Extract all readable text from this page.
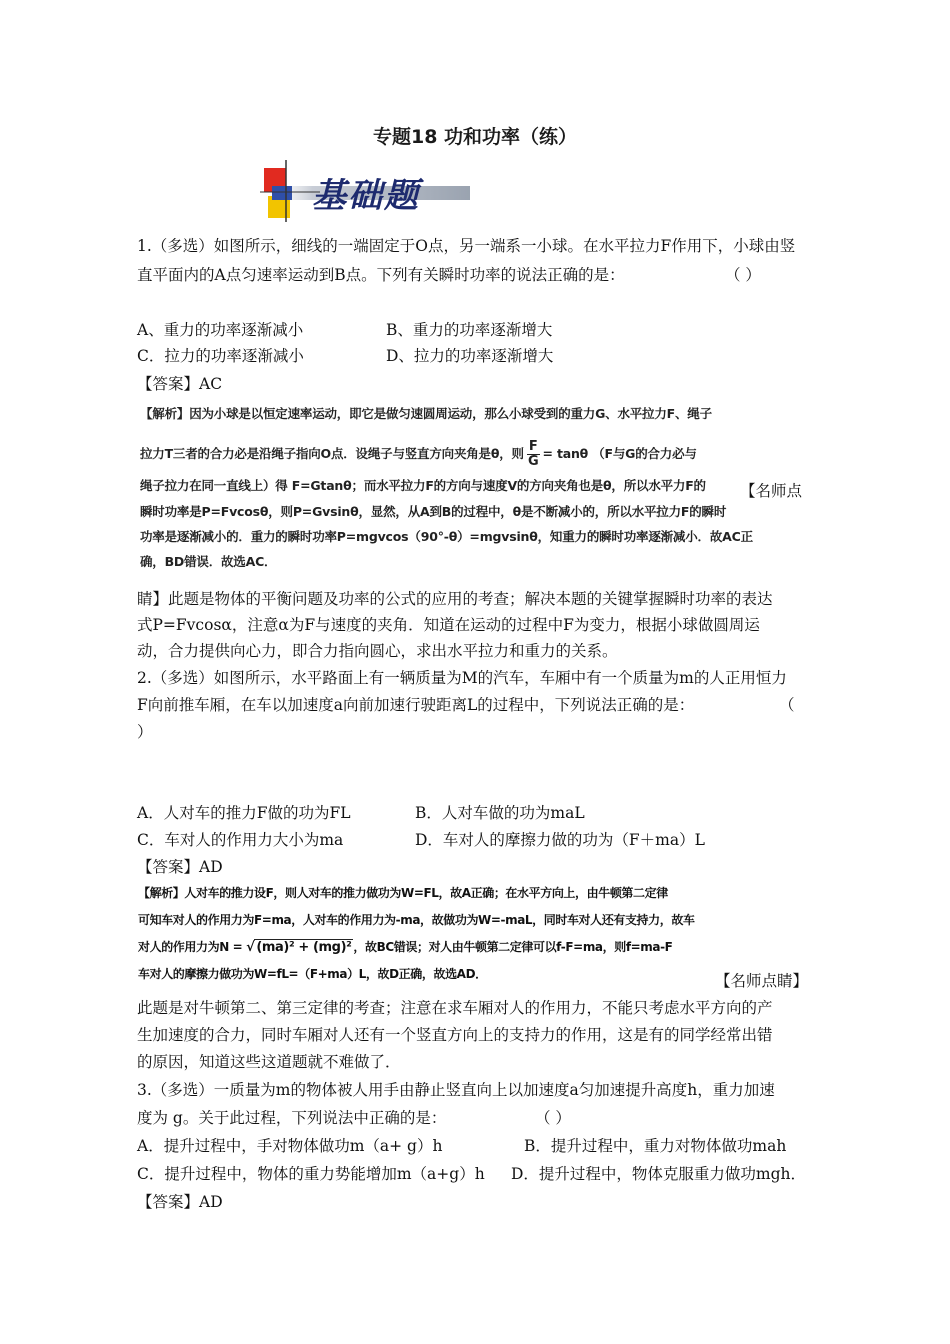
专题18 功和功率（练）
基础题
1.（多选）如图所示，细线的一端固定于O点，另一端系一小球。在水平拉力F作用下，小球由竖
直平面内的A点匀速率运动到B点。下列有关瞬时功率的说法正确的是：	（ ）
A、重力的功率逐渐减小	B、重力的功率逐渐增大
C．拉力的功率逐渐减小	D、拉力的功率逐渐增大
【答案】AC
【解析】因为小球是以恒定速率运动，即它是做匀速圆周运动，那么小球受到的重力G、水平拉力F、绳子
拉力T三者的合力必是沿绳子指向O点．设绳子与竖直方向夹角是θ，则 $\frac{F}{G} = \tan\theta$ （F与G的合力必与
绳子拉力在同一直线上）得 F=Gtanθ；而水平拉力F的方向与速度V的方向夹角也是θ，所以水平力F的
瞬时功率是P=Fvcosθ，则P=Gvsinθ，显然，从A到B的过程中，θ是不断减小的，所以水平拉力F的瞬时
功率是逐渐减小的．重力的瞬时功率P=mgvcos（90°-θ）=mgvsinθ，知重力的瞬时功率逐渐减小．故AC正
确，BD错误．故选AC．
【名师点
睛】此题是物体的平衡问题及功率的公式的应用的考查；解决本题的关键掌握瞬时功率的表达
式P=Fvcosα，注意α为F与速度的夹角．知道在运动的过程中F为变力，根据小球做圆周运
动，合力提供向心力，即合力指向圆心，求出水平拉力和重力的关系。
2.（多选）如图所示，水平路面上有一辆质量为M的汽车，车厢中有一个质量为m的人正用恒力
F向前推车厢，在车以加速度a向前加速行驶距离L的过程中，下列说法正确的是：	（
）
A．人对车的推力F做的功为FL	B．人对车做的功为maL
C．车对人的作用力大小为ma	D．车对人的摩擦力做的功为（F＋ma）L
【答案】AD
【解析】人对车的推力设F，则人对车的推力做功为W=FL，故A正确；在水平方向上，由牛顿第二定律
可知车对人的作用力为F=ma，人对车的作用力为-ma，故做功为W=-maL，同时车对人还有支持力，故车
对人的作用力为N = √ (ma)² + (mg)² ，故BC错误；对人由牛顿第二定律可以f-F=ma，则f=ma-F
车对人的摩擦力做功为W=fL=（F+ma）L，故D正确，故选AD．	【名师点睛】
此题是对牛顿第二、第三定律的考查；注意在求车厢对人的作用力，不能只考虑水平方向的产
生加速度的合力，同时车厢对人还有一个竖直方向上的支持力的作用，这是有的同学经常出错
的原因，知道这些这道题就不难做了．
3.（多选）一质量为m的物体被人用手由静止竖直向上以加速度a匀加速提升高度h，重力加速
度为 g。关于此过程，下列说法中正确的是：	（ ）
A．提升过程中，手对物体做功m（a+ g）h	B．提升过程中，重力对物体做功mah
C．提升过程中，物体的重力势能增加m（a+g）h D．提升过程中，物体克服重力做功mgh．
【答案】AD
